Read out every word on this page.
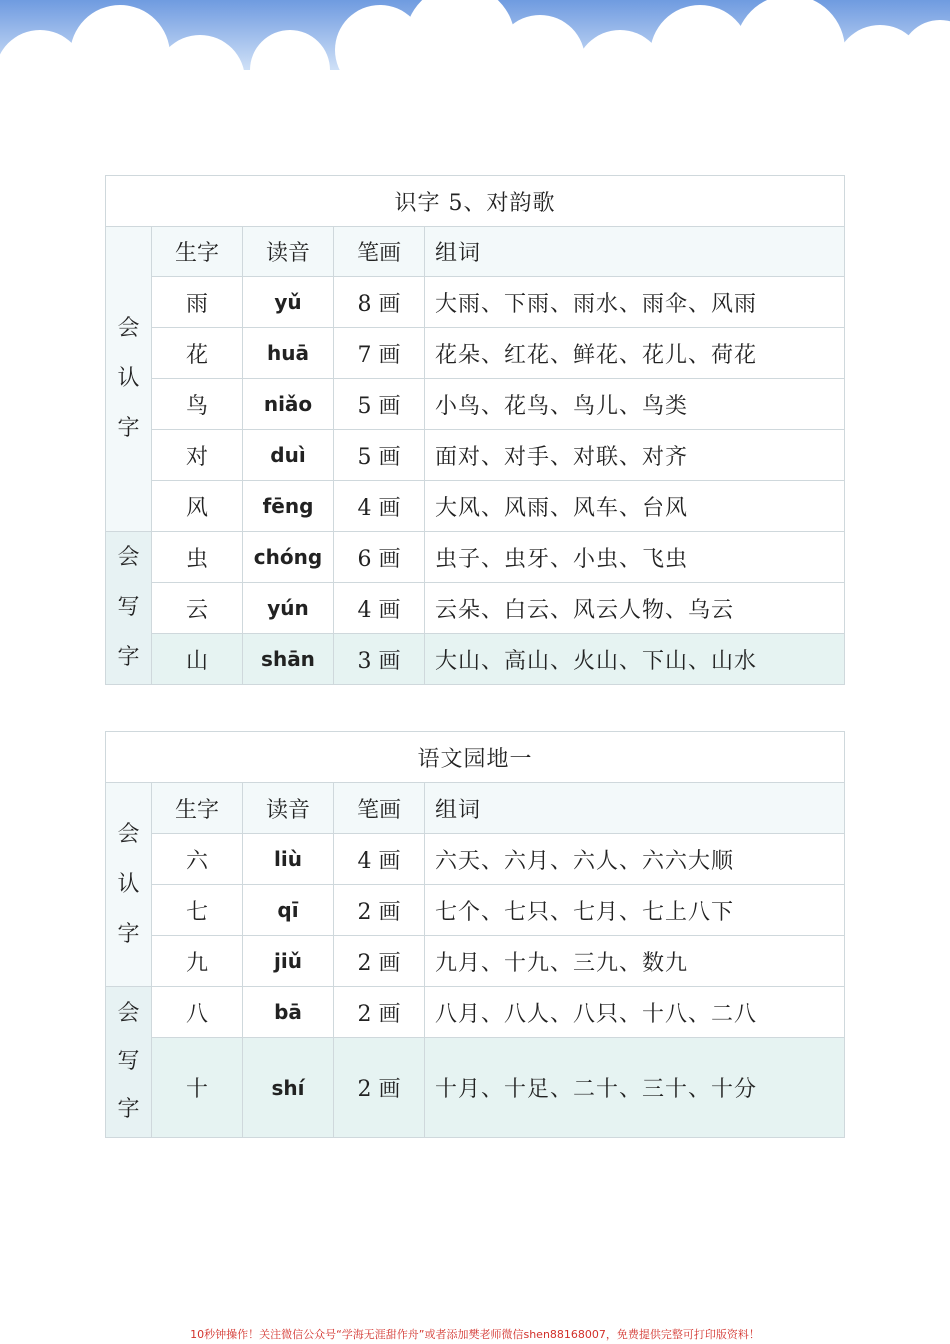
识字 5、对韵歌				

会
认
字	生字	读音	笔画	组词
	雨	yǔ	8 画	大雨、下雨、雨水、雨伞、风雨
	花	huā	7 画	花朵、红花、鲜花、花儿、荷花
	鸟	niǎo	5 画	小鸟、花鸟、鸟儿、鸟类
	对	duì	5 画	面对、对手、对联、对齐
	风	fēng	4 画	大风、风雨、风车、台风

会
写
字	虫	chóng	6 画	虫子、虫牙、小虫、飞虫
	云	yún	4 画	云朵、白云、风云人物、乌云
	山	shān	3 画	大山、高山、火山、下山、山水
语文园地一				

会
认
字	生字	读音	笔画	组词
	六	liù	4 画	六天、六月、六人、六六大顺
	七	qī	2 画	七个、七只、七月、七上八下
	九	jiǔ	2 画	九月、十九、三九、数九

会
写
字	八	bā	2 画	八月、八人、八只、十八、二八
	十	shí	2 画	十月、十足、二十、三十、十分
10秒钟操作！关注微信公众号“学海无涯甜作舟”或者添加樊老师微信shen88168007，免费提供完整可打印版资料！
